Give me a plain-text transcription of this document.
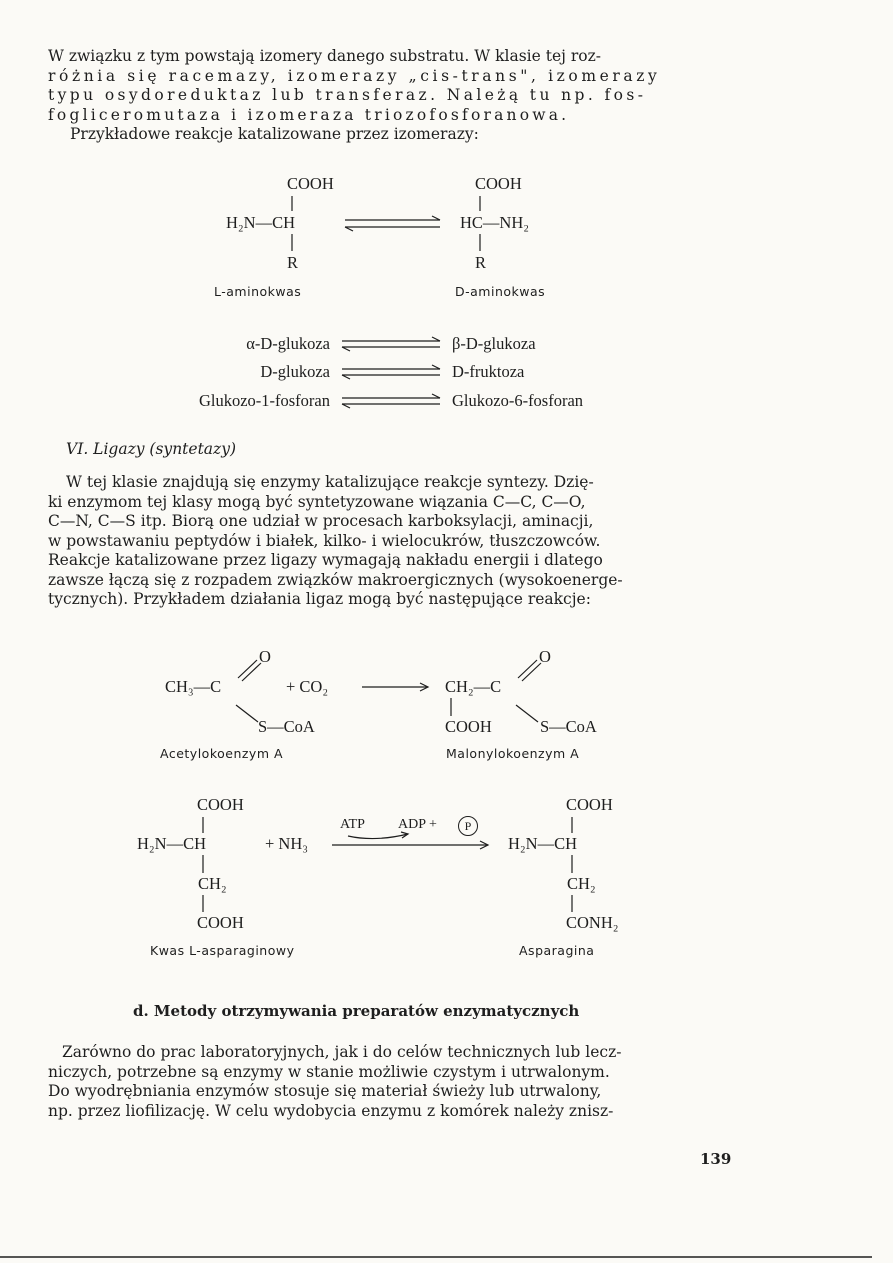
W związku z tym powstają izomery danego substratu. W klasie tej roz-
różnia się racemazy, izomerazy „cis-trans", izomerazy
typu osydoreduktaz lub transferaz. Należą tu np. fos-
fogliceromutaza i izomeraza triozofosforanowa.
Przykładowe reakcje katalizowane przez izomerazy:
COOH
H₂N—CH
R
L-aminokwas
COOH
HC—NH₂
R
D-aminokwas
α-D-glukoza	β-D-glukoza
D-glukoza	D-fruktoza
Glukozo-1-fosforan	Glukozo-6-fosforan
VI. Ligazy (syntetazy)
W tej klasie znajdują się enzymy katalizujące reakcje syntezy. Dzię-
ki enzymom tej klasy mogą być syntetyzowane wiązania C—C, C—O,
C—N, C—S itp. Biorą one udział w procesach karboksylacji, aminacji,
w powstawaniu peptydów i białek, kilko- i wielocukrów, tłuszczowców.
Reakcje katalizowane przez ligazy wymagają nakładu energii i dlatego
zawsze łączą się z rozpadem związków makroergicznych (wysokoenerge-
tycznych). Przykładem działania ligaz mogą być następujące reakcje:
O
CH₃—C	+ CO₂
S—CoA
Acetylokoenzym A
O
CH₂—C
COOH	S—CoA
Malonylokoenzym A
COOH
H₂N—CH
CH₂
COOH
Kwas L-asparaginowy
+ NH₃
ATP ADP +	P
COOH
H₂N—CH
CH₂
CONH₂
Asparagina
d. Metody otrzymywania preparatów enzymatycznych
Zarówno do prac laboratoryjnych, jak i do celów technicznych lub lecz-
niczych, potrzebne są enzymy w stanie możliwie czystym i utrwalonym.
Do wyodrębniania enzymów stosuje się materiał świeży lub utrwalony,
np. przez liofilizację. W celu wydobycia enzymu z komórek należy znisz-
139
